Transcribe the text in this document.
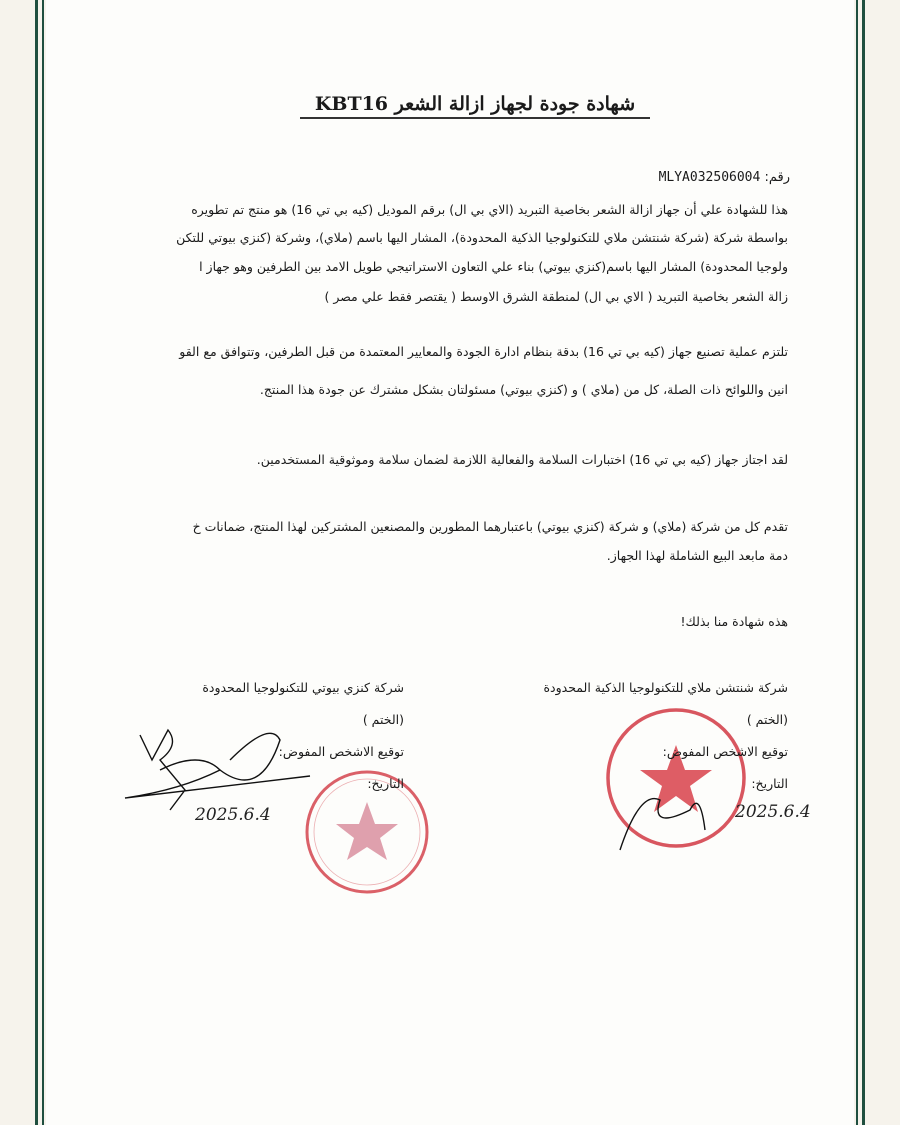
شهادة جودة لجهاز ازالة الشعر KBT16
رقم: MLYA032506004
هذا للشهادة علي أن جهاز ازالة الشعر بخاصية التبريد (الاي بي ال) برقم الموديل (كيه بي تي 16) هو منتج تم تطويره
بواسطة شركة (شركة شنتشن ملاي للتكنولوجيا الذكية المحدودة)، المشار اليها باسم (ملاي)، وشركة (كنزي بيوتي للتكن
ولوجيا المحدودة) المشار اليها باسم(كنزي بيوتي) بناء علي التعاون الاستراتيجي طويل الامد بين الطرفين وهو جهاز ا
زالة الشعر بخاصية التبريد ( الاي بي ال) لمنطقة الشرق الاوسط ( يقتصر فقط علي مصر )
تلتزم عملية تصنيع جهاز (كيه بي تي 16) بدقة بنظام ادارة الجودة والمعايير المعتمدة من قبل الطرفين، وتتوافق مع القو
انين واللوائح ذات الصلة، كل من (ملاي ) و (كنزي بيوتي) مسئولتان بشكل مشترك عن جودة هذا المنتج.
لقد اجتاز جهاز (كيه بي تي 16) اختبارات السلامة والفعالية اللازمة لضمان سلامة وموثوقية المستخدمين.
تقدم كل من شركة (ملاي) و شركة (كنزي بيوتي) باعتبارهما المطورين والمصنعين المشتركين لهذا المنتج، ضمانات خ
دمة مابعد البيع الشاملة لهذا الجهاز.
هذه شهادة منا بذلك!
2025.6.4	2025.6.4
شركة شنتشن ملاي للتكنولوجيا الذكية المحدودة
(الختم )
توقيع الاشخص المفوض:
التاريخ:
شركة كنزي بيوتي للتكنولوجيا المحدودة
(الختم )
توقيع الاشخص المفوض:
التاريخ:
